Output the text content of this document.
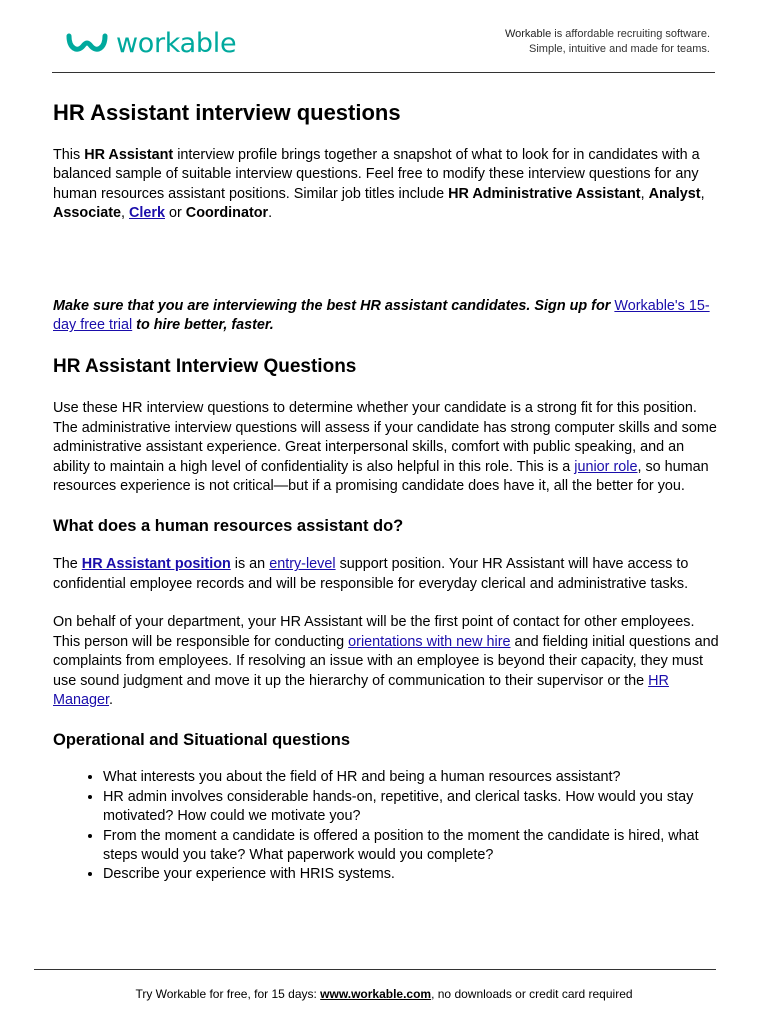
workable	Workable is affordable recruiting software.
Simple, intuitive and made for teams.
HR Assistant interview questions

This HR Assistant interview profile brings together a snapshot of what to look for in candidates with a balanced sample of suitable interview questions. Feel free to modify these interview questions for any human resources assistant positions. Similar job titles include HR Administrative Assistant, Analyst, Associate, Clerk or Coordinator.

Make sure that you are interviewing the best HR assistant candidates. Sign up for Workable's 15-day free trial to hire better, faster.

HR Assistant Interview Questions

Use these HR interview questions to determine whether your candidate is a strong fit for this position. The administrative interview questions will assess if your candidate has strong computer skills and some administrative assistant experience. Great interpersonal skills, comfort with public speaking, and an ability to maintain a high level of confidentiality is also helpful in this role. This is a junior role, so human resources experience is not critical—but if a promising candidate does have it, all the better for you.

What does a human resources assistant do?

The HR Assistant position is an entry-level support position. Your HR Assistant will have access to confidential employee records and will be responsible for everyday clerical and administrative tasks.

On behalf of your department, your HR Assistant will be the first point of contact for other employees. This person will be responsible for conducting orientations with new hire and fielding initial questions and complaints from employees. If resolving an issue with an employee is beyond their capacity, they must use sound judgment and move it up the hierarchy of communication to their supervisor or the HR Manager.

Operational and Situational questions
• What interests you about the field of HR and being a human resources assistant?
• HR admin involves considerable hands-on, repetitive, and clerical tasks. How would you stay motivated? How could we motivate you?
• From the moment a candidate is offered a position to the moment the candidate is hired, what steps would you take? What paperwork would you complete?
• Describe your experience with HRIS systems.
Try Workable for free, for 15 days: www.workable.com, no downloads or credit card required
